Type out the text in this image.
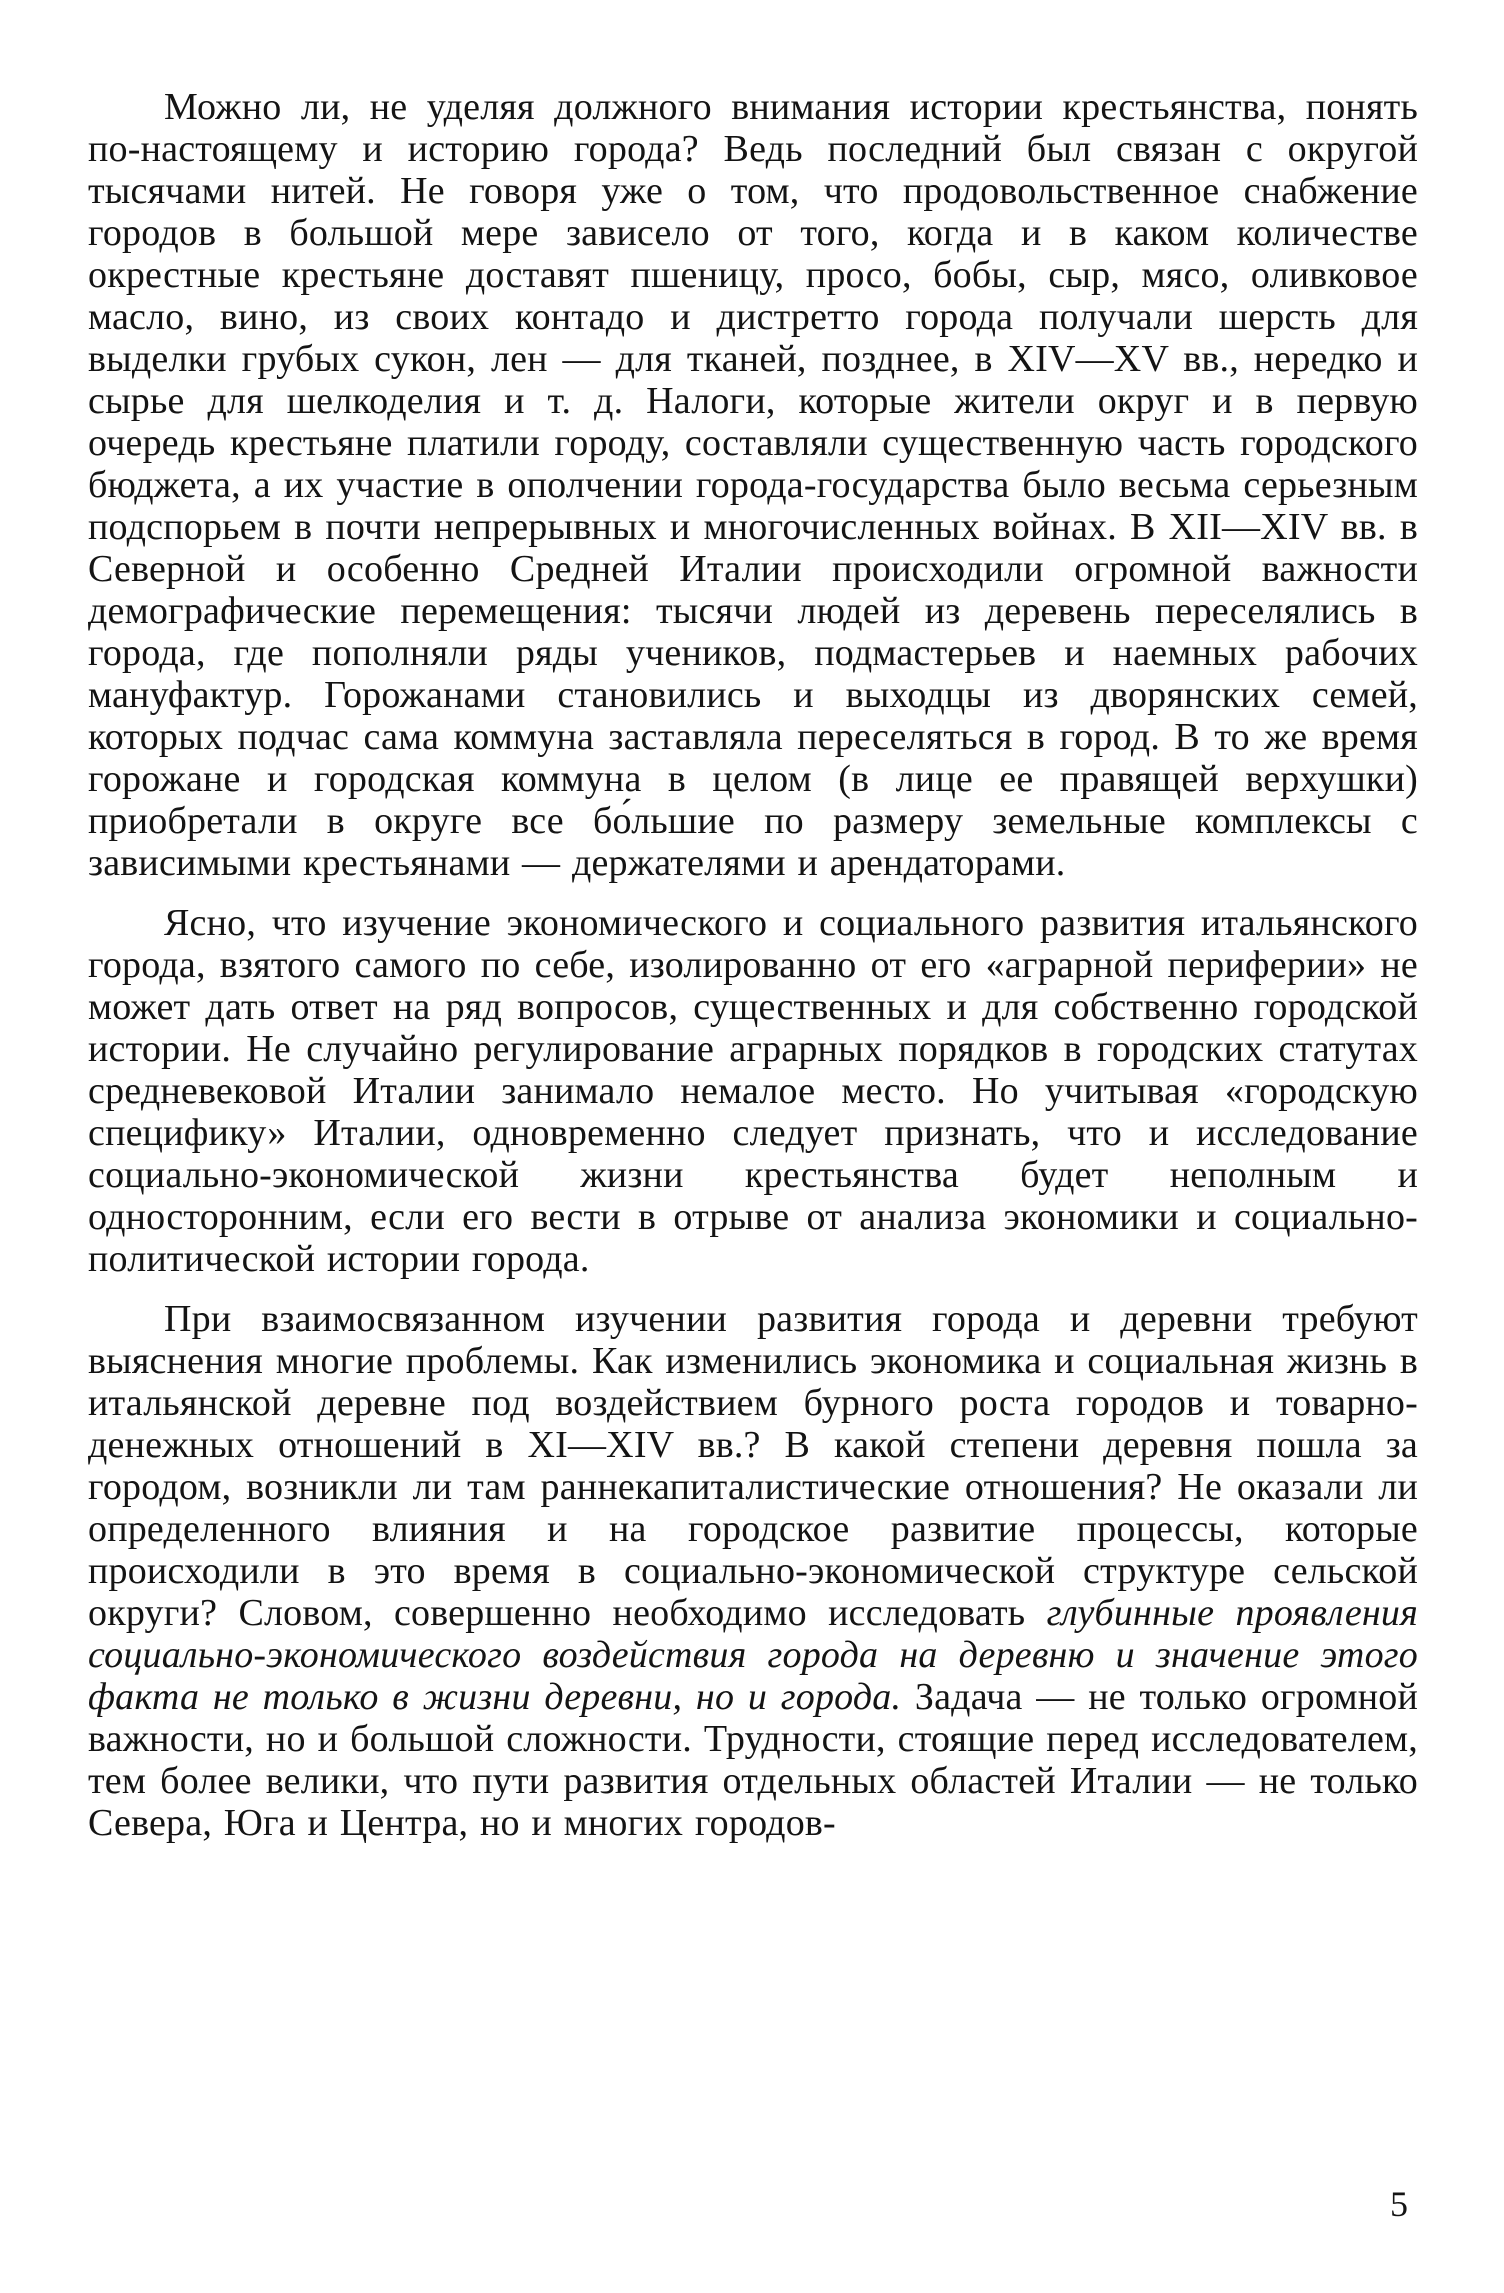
Можно ли, не уделяя должного внимания истории крестьянства, понять по-настоящему и историю города? Ведь последний был связан с округой тысячами нитей. Не говоря уже о том, что продовольственное снабжение городов в большой мере зависело от того, когда и в каком количестве окрестные крестьяне доставят пшеницу, просо, бобы, сыр, мясо, оливковое масло, вино, из своих контадо и дистретто города получали шерсть для выделки грубых сукон, лен — для тканей, позднее, в XIV—XV вв., нередко и сырье для шелкоделия и т. д. Налоги, которые жители округ и в первую очередь крестьяне платили городу, составляли существенную часть городского бюджета, а их участие в ополчении города-государства было весьма серьезным подспорьем в почти непрерывных и многочисленных войнах. В XII—XIV вв. в Северной и особенно Средней Италии происходили огромной важности демографические перемещения: тысячи людей из деревень переселялись в города, где пополняли ряды учеников, подмастерьев и наемных рабочих мануфактур. Горожанами становились и выходцы из дворянских семей, которых подчас сама коммуна заставляла переселяться в город. В то же время горожане и городская коммуна в целом (в лице ее правящей верхушки) приобретали в округе все бо́льшие по размеру земельные комплексы с зависимыми крестьянами — держателями и арендаторами.

Ясно, что изучение экономического и социального развития итальянского города, взятого самого по себе, изолированно от его «аграрной периферии» не может дать ответ на ряд вопросов, существенных и для собственно городской истории. Не случайно регулирование аграрных порядков в городских статутах средневековой Италии занимало немалое место. Но учитывая «городскую специфику» Италии, одновременно следует признать, что и исследование социально-экономической жизни крестьянства будет неполным и односторонним, если его вести в отрыве от анализа экономики и социально-политической истории города.

При взаимосвязанном изучении развития города и деревни требуют выяснения многие проблемы. Как изменились экономика и социальная жизнь в итальянской деревне под воздействием бурного роста городов и товарно-денежных отношений в XI—XIV вв.? В какой степени деревня пошла за городом, возникли ли там раннекапиталистические отношения? Не оказали ли определенного влияния и на городское развитие процессы, которые происходили в это время в социально-экономической структуре сельской округи? Словом, совершенно необходимо исследовать глубинные проявления социально-экономического воздействия города на деревню и значение этого факта не только в жизни деревни, но и города. Задача — не только огромной важности, но и большой сложности. Трудности, стоящие перед исследователем, тем более велики, что пути развития отдельных областей Италии — не только Севера, Юга и Центра, но и многих городов-

5
